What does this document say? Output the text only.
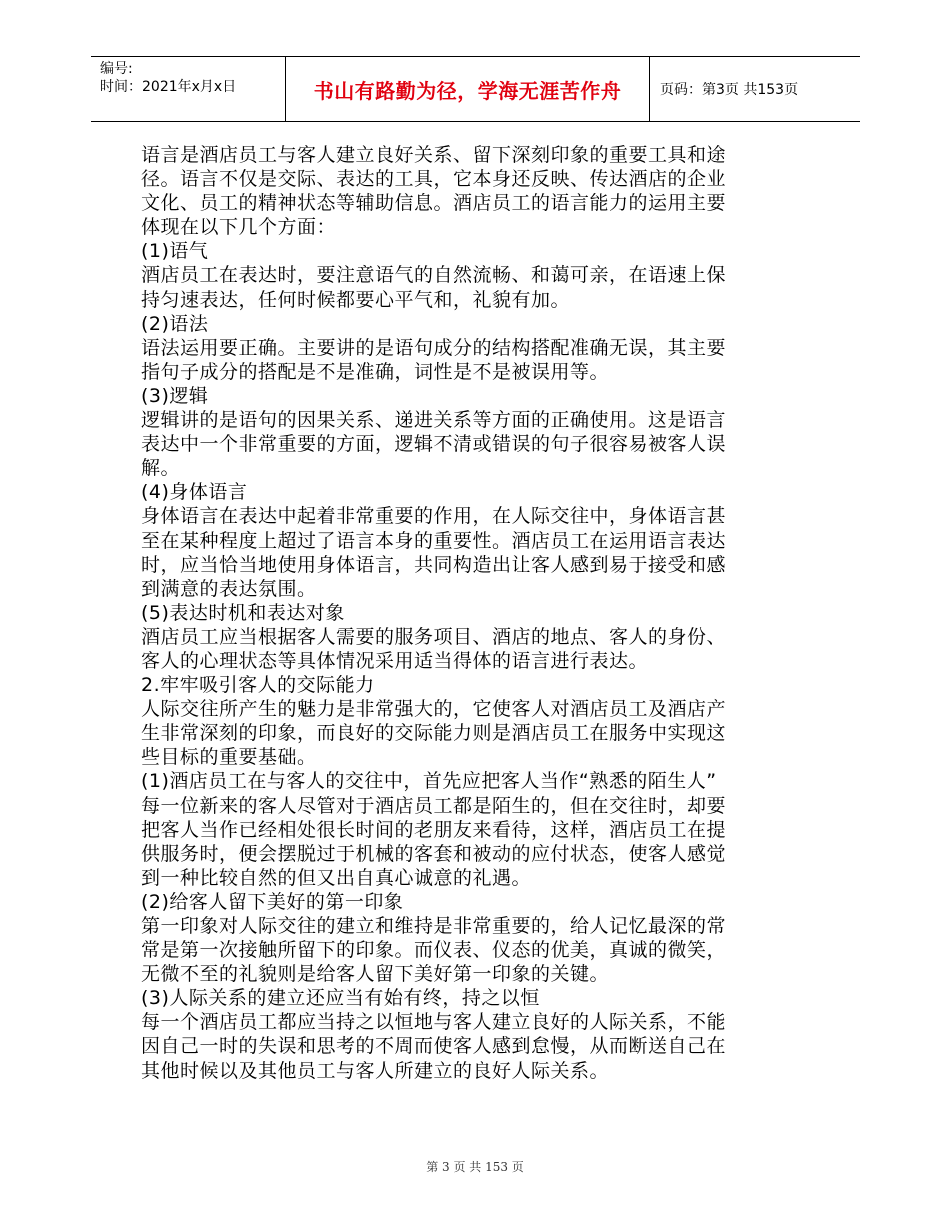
编号:
时间：2021年x月x日	书山有路勤为径，学海无涯苦作舟	页码：第3页 共153页

语言是酒店员工与客人建立良好关系、留下深刻印象的重要工具和途

径。语言不仅是交际、表达的工具，它本身还反映、传达酒店的企业

文化、员工的精神状态等辅助信息。酒店员工的语言能力的运用主要

体现在以下几个方面：

(1)语气

酒店员工在表达时，要注意语气的自然流畅、和蔼可亲，在语速上保

持匀速表达，任何时候都要心平气和，礼貌有加。

(2)语法

语法运用要正确。主要讲的是语句成分的结构搭配准确无误，其主要

指句子成分的搭配是不是准确，词性是不是被误用等。

(3)逻辑

逻辑讲的是语句的因果关系、递进关系等方面的正确使用。这是语言

表达中一个非常重要的方面，逻辑不清或错误的句子很容易被客人误

解。

(4)身体语言

身体语言在表达中起着非常重要的作用，在人际交往中，身体语言甚

至在某种程度上超过了语言本身的重要性。酒店员工在运用语言表达

时，应当恰当地使用身体语言，共同构造出让客人感到易于接受和感

到满意的表达氛围。

(5)表达时机和表达对象

酒店员工应当根据客人需要的服务项目、酒店的地点、客人的身份、

客人的心理状态等具体情况采用适当得体的语言进行表达。

2.牢牢吸引客人的交际能力

人际交往所产生的魅力是非常强大的，它使客人对酒店员工及酒店产

生非常深刻的印象，而良好的交际能力则是酒店员工在服务中实现这

些目标的重要基础。

(1)酒店员工在与客人的交往中，首先应把客人当作“熟悉的陌生人”

每一位新来的客人尽管对于酒店员工都是陌生的，但在交往时，却要

把客人当作已经相处很长时间的老朋友来看待，这样，酒店员工在提

供服务时，便会摆脱过于机械的客套和被动的应付状态，使客人感觉

到一种比较自然的但又出自真心诚意的礼遇。

(2)给客人留下美好的第一印象

第一印象对人际交往的建立和维持是非常重要的，给人记忆最深的常

常是第一次接触所留下的印象。而仪表、仪态的优美，真诚的微笑，

无微不至的礼貌则是给客人留下美好第一印象的关键。

(3)人际关系的建立还应当有始有终，持之以恒

每一个酒店员工都应当持之以恒地与客人建立良好的人际关系，不能

因自己一时的失误和思考的不周而使客人感到怠慢，从而断送自己在

其他时候以及其他员工与客人所建立的良好人际关系。

第 3 页 共 153 页
